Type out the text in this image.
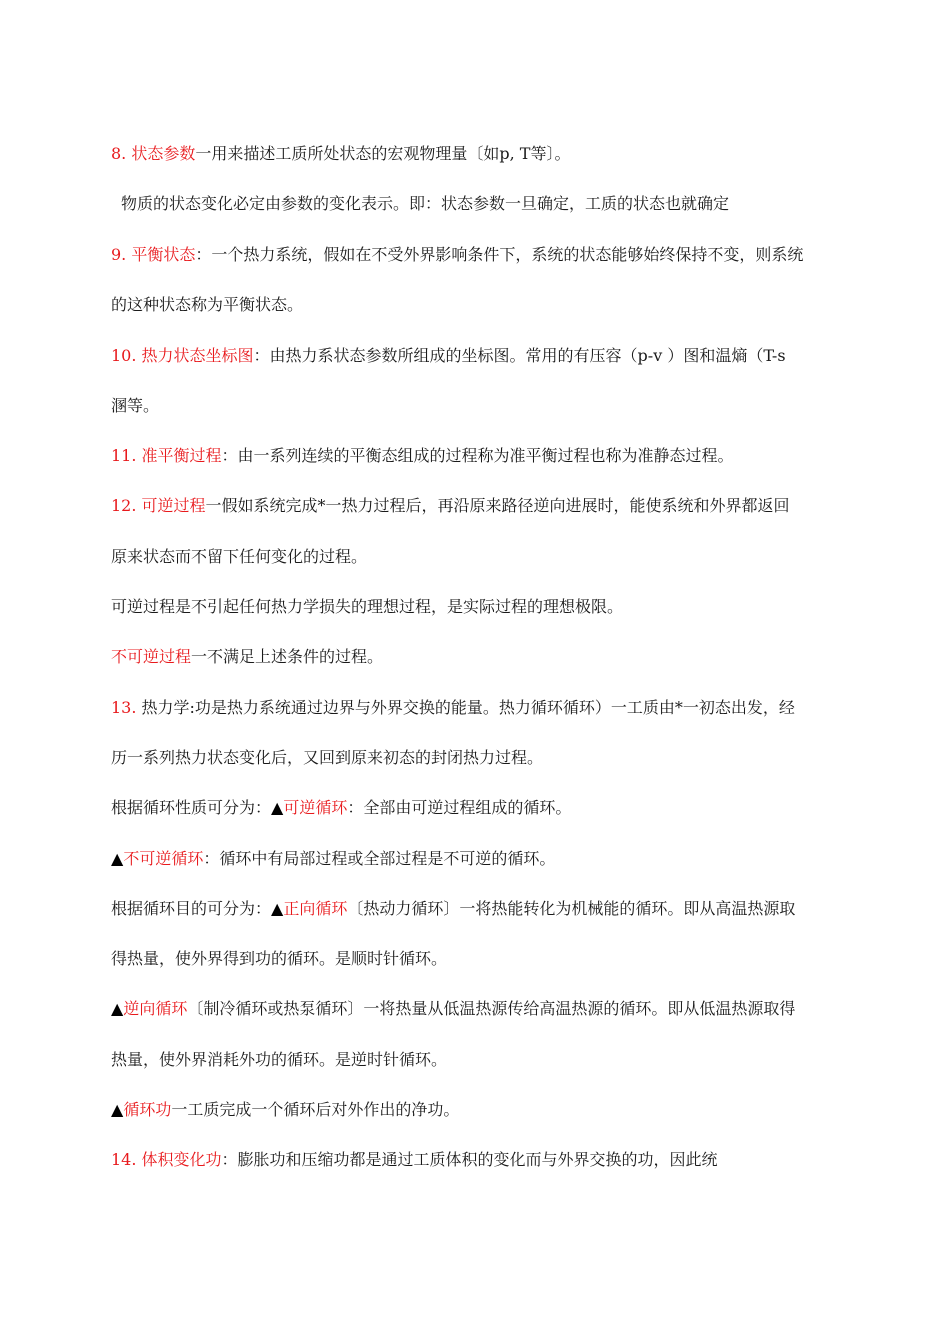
8. 状态参数一用来描述工质所处状态的宏观物理量〔如p, T等〕。
物质的状态变化必定由参数的变化表示。即：状态参数一旦确定，工质的状态也就确定
9. 平衡状态：一个热力系统，假如在不受外界影响条件下，系统的状态能够始终保持不变，则系统
的这种状态称为平衡状态。
10. 热力状态坐标图：由热力系状态参数所组成的坐标图。常用的有压容（p-v ）图和温熵（T-s
溷等。
11. 准平衡过程：由一系列连续的平衡态组成的过程称为准平衡过程也称为准静态过程。
12. 可逆过程一假如系统完成*一热力过程后，再沿原来路径逆向进展时，能使系统和外界都返回
原来状态而不留下任何变化的过程。
可逆过程是不引起任何热力学损失的理想过程，是实际过程的理想极限。
不可逆过程一不满足上述条件的过程。
13. 热力学:功是热力系统通过边界与外界交换的能量。热力循环循环）一工质由*一初态出发，经
历一系列热力状态变化后，又回到原来初态的封闭热力过程。
根据循环性质可分为：▲可逆循环：全部由可逆过程组成的循环。
▲不可逆循环：循环中有局部过程或全部过程是不可逆的循环。
根据循环目的可分为：▲正向循环〔热动力循环〕一将热能转化为机械能的循环。即从高温热源取
得热量，使外界得到功的循环。是顺时针循环。
▲逆向循环〔制冷循环或热泵循环〕一将热量从低温热源传给高温热源的循环。即从低温热源取得
热量，使外界消耗外功的循环。是逆时针循环。
▲循环功一工质完成一个循环后对外作出的净功。
14. 体积变化功：膨胀功和压缩功都是通过工质体积的变化而与外界交换的功，因此统
